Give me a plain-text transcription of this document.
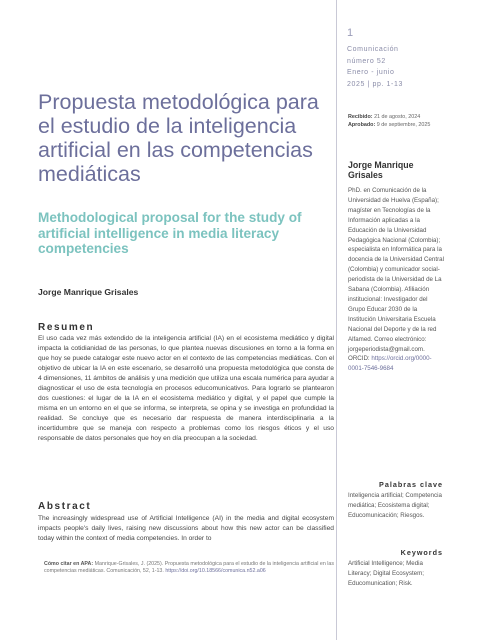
Propuesta metodológica para el estudio de la inteligencia artificial en las competencias mediáticas
Methodological proposal for the study of artificial intelligence in media literacy competencies
Jorge Manrique Grisales
Resumen

El uso cada vez más extendido de la inteligencia artificial (IA) en el ecosistema mediático y digital impacta la cotidianidad de las personas, lo que plantea nuevas discusiones en torno a la forma en que hoy se puede catalogar este nuevo actor en el contexto de las competencias mediáticas. Con el objetivo de ubicar la IA en este escenario, se desarrolló una propuesta metodológica que consta de 4 dimensiones, 11 ámbitos de análisis y una medición que utiliza una escala numérica para ayudar a diagnosticar el uso de esta tecnología en procesos educomunicativos. Para lograrlo se plantearon dos cuestiones: el lugar de la IA en el ecosistema mediático y digital, y el papel que cumple la misma en un entorno en el que se informa, se interpreta, se opina y se investiga en profundidad la realidad. Se concluye que es necesario dar respuesta de manera interdisciplinaria a la incertidumbre que se maneja con respecto a problemas como los riesgos éticos y el uso responsable de datos personales que hoy en día preocupan a la sociedad.

Abstract

The increasingly widespread use of Artificial Intelligence (AI) in the media and digital ecosystem impacts people's daily lives, raising new discussions about how this new actor can be classified today within the context of media competencies. In order to

Cómo citar en APA: Manrique-Grisales, J. (2025). Propuesta metodológica para el estudio de la inteligencia artificial en las competencias mediáticas. Comunicación, 52, 1-13. https://doi.org/10.18566/comunica.n52.a06
1
Comunicación
número 52
Enero - junio
2025 | pp. 1-13
Recibido: 21 de agosto, 2024
Aprobado: 9 de septiembre, 2025
Jorge Manrique
Grisales

PhD. en Comunicación de la Universidad de Huelva (España); magíster en Tecnologías de la Información aplicadas a la Educación de la Universidad Pedagógica Nacional (Colombia); especialista en Informática para la docencia de la Universidad Central (Colombia) y comunicador social-periodista de la Universidad de La Sabana (Colombia). Afiliación institucional: Investigador del Grupo Educar 2030 de la Institución Universitaria Escuela Nacional del Deporte y de la red Alfamed. Correo electrónico: jorgeperiodista@gmail.com. ORCID: https://orcid.org/0000-0001-7546-9684

Palabras clave

Inteligencia artificial; Competencia mediática; Ecosistema digital; Educomunicación; Riesgos.

Keywords

Artificial Intelligence; Media Literacy; Digital Ecosystem; Educomunication; Risk.
